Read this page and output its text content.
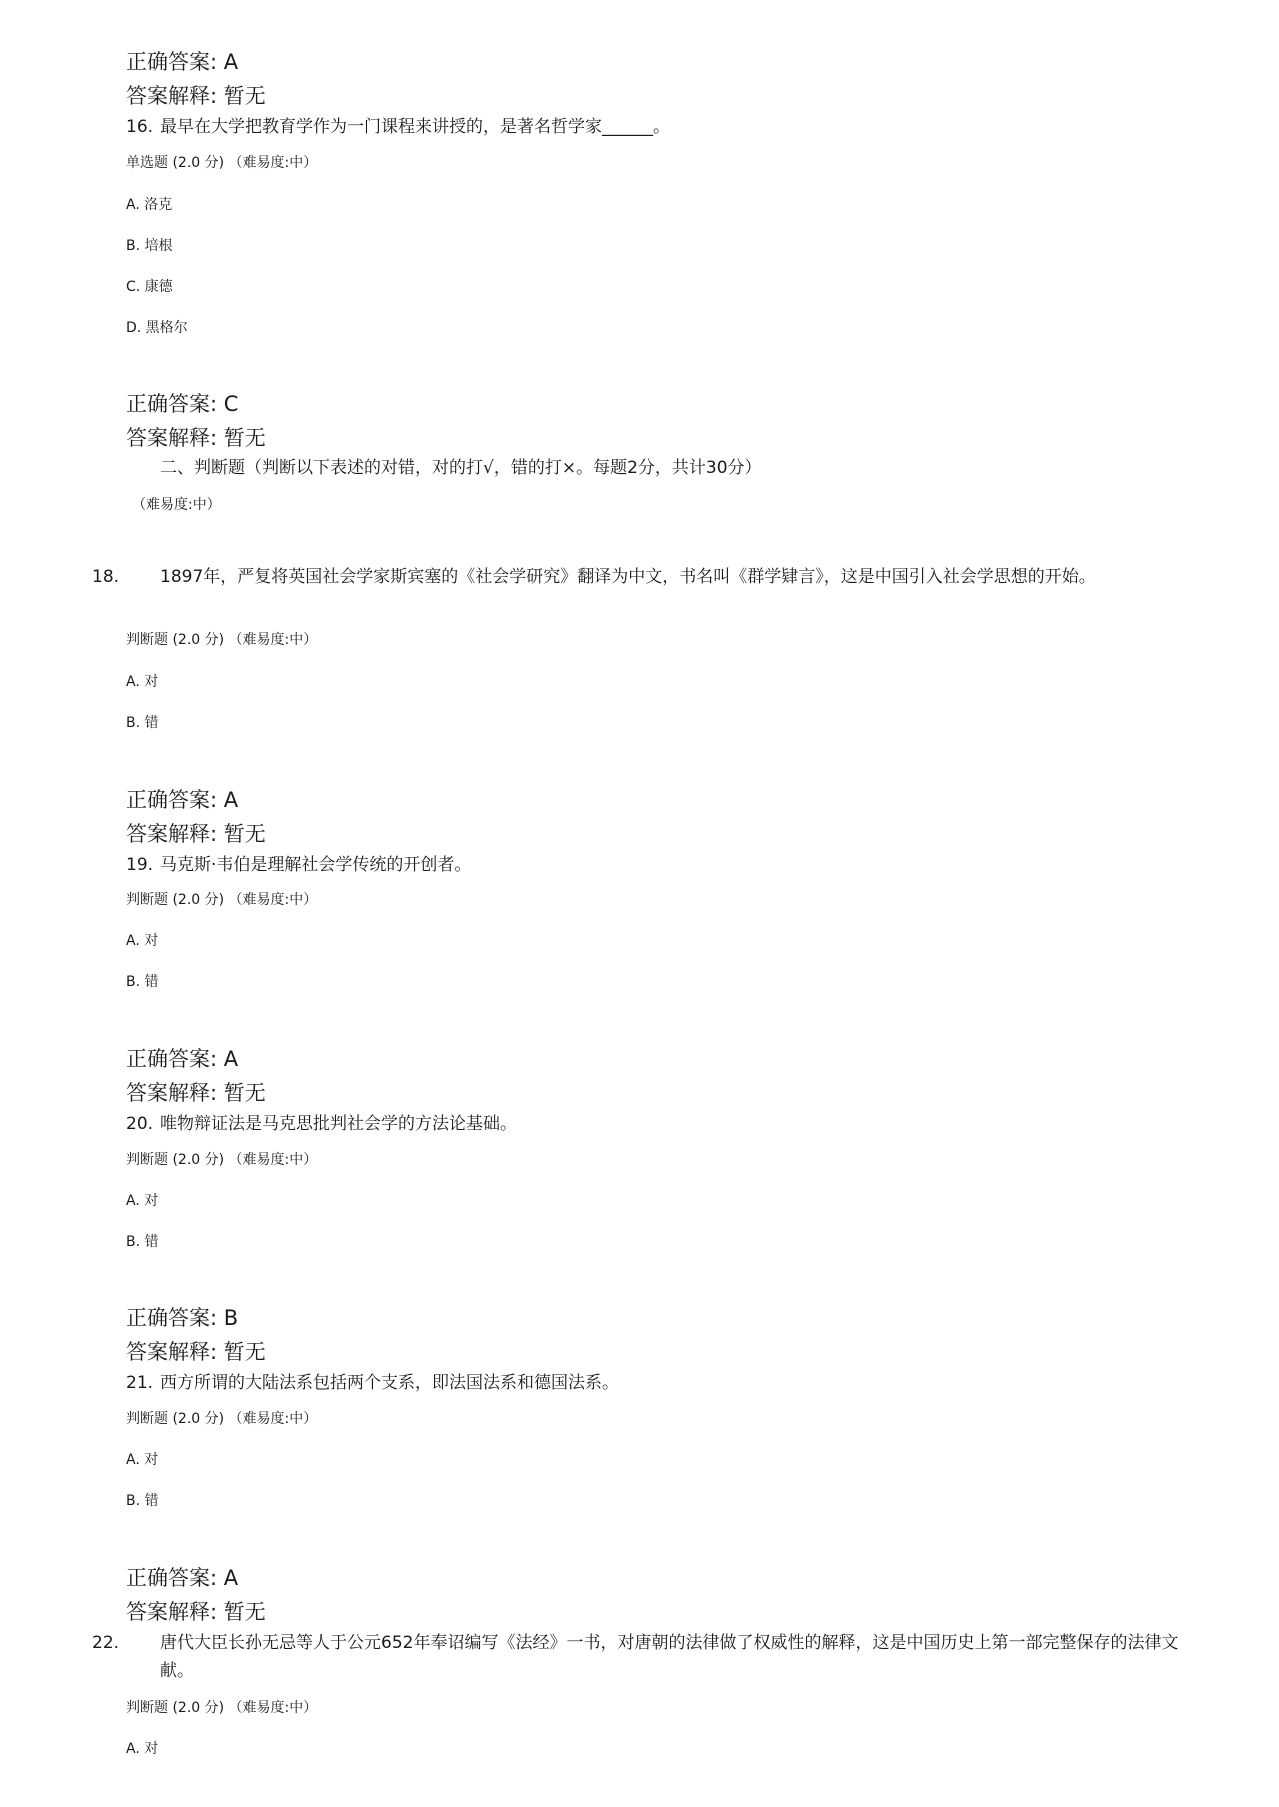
正确答案: A
答案解释: 暂无
16. 最早在大学把教育学作为一门课程来讲授的，是著名哲学家______。
单选题 (2.0 分) （难易度:中）
A. 洛克
B. 培根
C. 康德
D. 黑格尔
正确答案: C
答案解释: 暂无
二、判断题（判断以下表述的对错，对的打√，错的打×。每题2分，共计30分）
（难易度:中）
18. 1897年，严复将英国社会学家斯宾塞的《社会学研究》翻译为中文，书名叫《群学肄言》，这是中国引入社会学思想的开始。
判断题 (2.0 分) （难易度:中）
A. 对
B. 错
正确答案: A
答案解释: 暂无
19. 马克斯·韦伯是理解社会学传统的开创者。
判断题 (2.0 分) （难易度:中）
A. 对
B. 错
正确答案: A
答案解释: 暂无
20. 唯物辩证法是马克思批判社会学的方法论基础。
判断题 (2.0 分) （难易度:中）
A. 对
B. 错
正确答案: B
答案解释: 暂无
21. 西方所谓的大陆法系包括两个支系，即法国法系和德国法系。
判断题 (2.0 分) （难易度:中）
A. 对
B. 错
正确答案: A
答案解释: 暂无
22. 唐代大臣长孙无忌等人于公元652年奉诏编写《法经》一书，对唐朝的法律做了权威性的解释，这是中国历史上第一部完整保存的法律文献。
判断题 (2.0 分) （难易度:中）
A. 对
